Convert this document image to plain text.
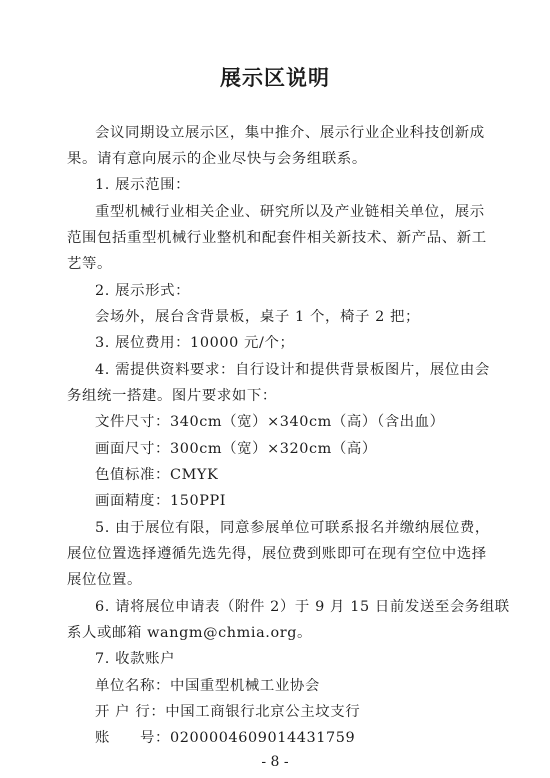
展示区说明
会议同期设立展示区，集中推介、展示行业企业科技创新成
果。请有意向展示的企业尽快与会务组联系。
1. 展示范围：
重型机械行业相关企业、研究所以及产业链相关单位，展示
范围包括重型机械行业整机和配套件相关新技术、新产品、新工
艺等。
2. 展示形式：
会场外，展台含背景板，桌子 1 个，椅子 2 把；
3. 展位费用：10000 元/个；
4. 需提供资料要求：自行设计和提供背景板图片，展位由会
务组统一搭建。图片要求如下：
文件尺寸：340cm（宽）×340cm（高）（含出血）
画面尺寸：300cm（宽）×320cm（高）
色值标准：CMYK
画面精度：150PPI
5. 由于展位有限，同意参展单位可联系报名并缴纳展位费，
展位位置选择遵循先选先得，展位费到账即可在现有空位中选择
展位位置。
6. 请将展位申请表（附件 2）于 9 月 15 日前发送至会务组联
系人或邮箱 wangm@chmia.org。
7. 收款账户
单位名称：中国重型机械工业协会
开 户 行：中国工商银行北京公主坟支行
账　　号：0200004609014431759
- 8 -
